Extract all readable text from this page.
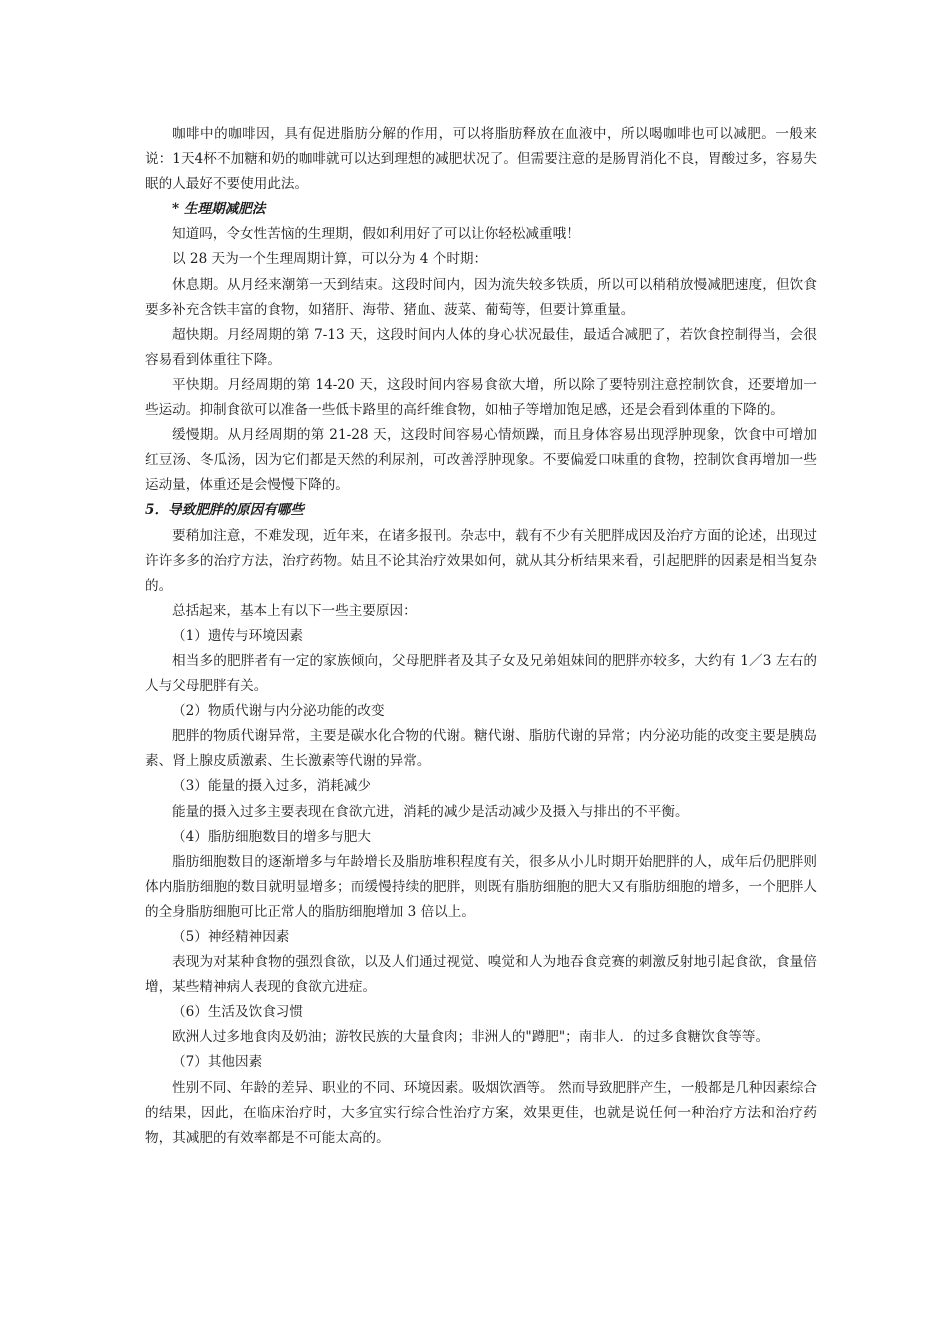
咖啡中的咖啡因，具有促进脂肪分解的作用，可以将脂肪释放在血液中，所以喝咖啡也可以减肥。一般来说：1天4杯不加糖和奶的咖啡就可以达到理想的减肥状况了。但需要注意的是肠胃消化不良，胃酸过多，容易失眠的人最好不要使用此法。

* 生理期减肥法

知道吗，令女性苦恼的生理期，假如利用好了可以让你轻松减重哦！

以 28 天为一个生理周期计算，可以分为 4 个时期：

休息期。从月经来潮第一天到结束。这段时间内，因为流失较多铁质，所以可以稍稍放慢减肥速度，但饮食要多补充含铁丰富的食物，如猪肝、海带、猪血、菠菜、葡萄等，但要计算重量。

超快期。月经周期的第 7-13 天，这段时间内人体的身心状况最佳，最适合减肥了，若饮食控制得当，会很容易看到体重往下降。

平快期。月经周期的第 14-20 天，这段时间内容易食欲大增，所以除了要特别注意控制饮食，还要增加一些运动。抑制食欲可以准备一些低卡路里的高纤维食物，如柚子等增加饱足感，还是会看到体重的下降的。

缓慢期。从月经周期的第 21-28 天，这段时间容易心情烦躁，而且身体容易出现浮肿现象，饮食中可增加红豆汤、冬瓜汤，因为它们都是天然的利尿剂，可改善浮肿现象。不要偏爱口味重的食物，控制饮食再增加一些运动量，体重还是会慢慢下降的。

5．导致肥胖的原因有哪些

要稍加注意，不难发现，近年来，在诸多报刊。杂志中，载有不少有关肥胖成因及治疗方面的论述，出现过许许多多的治疗方法，治疗药物。姑且不论其治疗效果如何，就从其分析结果来看，引起肥胖的因素是相当复杂的。

总括起来，基本上有以下一些主要原因：

（1）遗传与环境因素

相当多的肥胖者有一定的家族倾向，父母肥胖者及其子女及兄弟姐妹间的肥胖亦较多，大约有 1／3 左右的人与父母肥胖有关。

（2）物质代谢与内分泌功能的改变

肥胖的物质代谢异常，主要是碳水化合物的代谢。糖代谢、脂肪代谢的异常；内分泌功能的改变主要是胰岛素、肾上腺皮质激素、生长激素等代谢的异常。

（3）能量的摄入过多，消耗减少

能量的摄入过多主要表现在食欲亢进，消耗的减少是活动减少及摄入与排出的不平衡。

（4）脂肪细胞数目的增多与肥大

脂肪细胞数目的逐渐增多与年龄增长及脂肪堆积程度有关，很多从小儿时期开始肥胖的人，成年后仍肥胖则体内脂肪细胞的数目就明显增多；而缓慢持续的肥胖，则既有脂肪细胞的肥大又有脂肪细胞的增多，一个肥胖人的全身脂肪细胞可比正常人的脂肪细胞增加 3 倍以上。

（5）神经精神因素

表现为对某种食物的强烈食欲，以及人们通过视觉、嗅觉和人为地吞食竞赛的刺激反射地引起食欲，食量倍增，某些精神病人表现的食欲亢进症。

（6）生活及饮食习惯

欧洲人过多地食肉及奶油；游牧民族的大量食肉；非洲人的"蹲肥"；南非人．的过多食糖饮食等等。

（7）其他因素

性别不同、年龄的差异、职业的不同、环境因素。吸烟饮酒等。 然而导致肥胖产生，一般都是几种因素综合的结果，因此，在临床治疗时，大多宜实行综合性治疗方案，效果更佳，也就是说任何一种治疗方法和治疗药物，其减肥的有效率都是不可能太高的。
